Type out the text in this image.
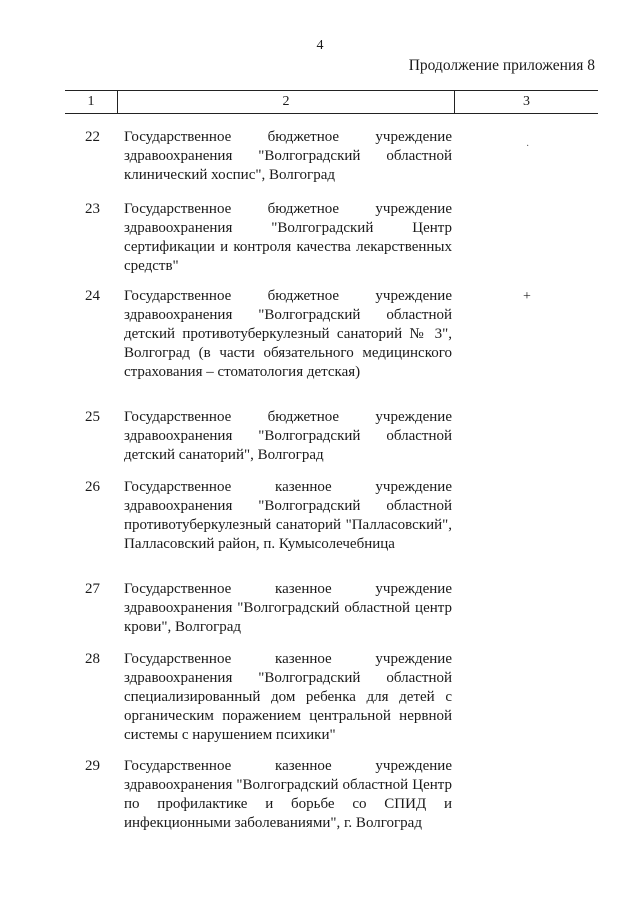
4
Продолжение приложения 8
1	2	3
22 Государственное бюджетное учреждение здравоохранения "Волгоградский областной клинический хоспис", Волгоград
23 Государственное бюджетное учреждение здравоохранения "Волгоградский Центр сертификации и контроля качества лекарственных средств"
24 Государственное бюджетное учреждение здравоохранения "Волгоградский областной детский противотуберкулезный санаторий № 3", Волгоград (в части обязательного медицинского страхования – стоматология детская)
+
25 Государственное бюджетное учреждение здравоохранения "Волгоградский областной детский санаторий", Волгоград
26 Государственное казенное учреждение здравоохранения "Волгоградский областной противотуберкулезный санаторий "Палласовский", Палласовский район, п. Кумысолечебница
27 Государственное казенное учреждение здравоохранения "Волгоградский областной центр крови", Волгоград
28 Государственное казенное учреждение здравоохранения "Волгоградский областной специализированный дом ребенка для детей с органическим поражением центральной нервной системы с нарушением психики"
29 Государственное казенное учреждение здравоохранения "Волгоградский областной Центр по профилактике и борьбе со СПИД и инфекционными заболеваниями", г. Волгоград
·
